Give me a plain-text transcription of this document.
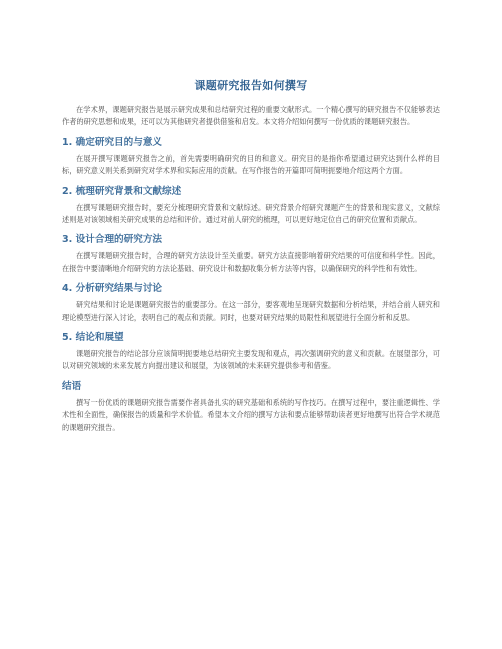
课题研究报告如何撰写

在学术界，课题研究报告是展示研究成果和总结研究过程的重要文献形式。一个精心撰写的研究报告不仅能够表达作者的研究思想和成果，还可以为其他研究者提供借鉴和启发。本文将介绍如何撰写一份优质的课题研究报告。

1. 确定研究目的与意义

在展开撰写课题研究报告之前，首先需要明确研究的目的和意义。研究目的是指你希望通过研究达到什么样的目标，研究意义则关系到研究对学术界和实际应用的贡献。在写作报告的开篇即可简明扼要地介绍这两个方面。

2. 梳理研究背景和文献综述

在撰写课题研究报告时，要充分梳理研究背景和文献综述。研究背景介绍研究课题产生的背景和现实意义，文献综述则是对该领域相关研究成果的总结和评价。通过对前人研究的梳理，可以更好地定位自己的研究位置和贡献点。

3. 设计合理的研究方法

在撰写课题研究报告时，合理的研究方法设计至关重要。研究方法直接影响着研究结果的可信度和科学性。因此，在报告中要清晰地介绍研究的方法论基础、研究设计和数据收集分析方法等内容，以确保研究的科学性和有效性。

4. 分析研究结果与讨论

研究结果和讨论是课题研究报告的重要部分。在这一部分，要客观地呈现研究数据和分析结果，并结合前人研究和理论模型进行深入讨论，表明自己的观点和贡献。同时，也要对研究结果的局限性和展望进行全面分析和反思。

5. 结论和展望

课题研究报告的结论部分应该简明扼要地总结研究主要发现和观点，再次强调研究的意义和贡献。在展望部分，可以对研究领域的未来发展方向提出建议和展望，为该领域的未来研究提供参考和借鉴。

结语

撰写一份优质的课题研究报告需要作者具备扎实的研究基础和系统的写作技巧。在撰写过程中，要注重逻辑性、学术性和全面性，确保报告的质量和学术价值。希望本文介绍的撰写方法和要点能够帮助读者更好地撰写出符合学术规范的课题研究报告。
